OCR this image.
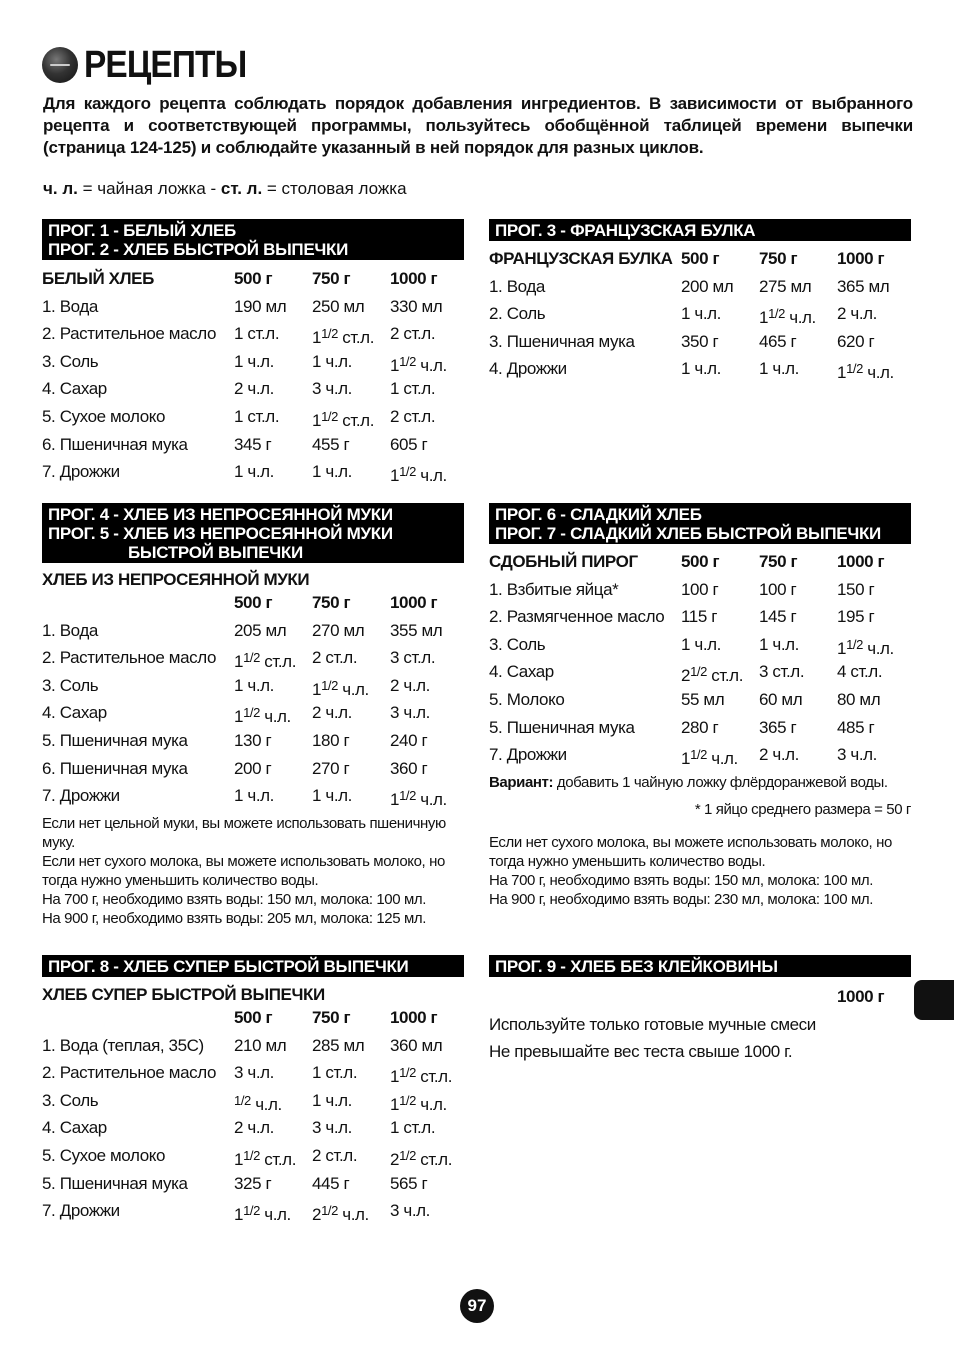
РЕЦЕПТЫ
Для каждого рецепта соблюдать порядок добавления ингредиентов. В зависимости от выбранного рецепта и соответствующей программы, пользуйтесь обобщённой таблицей времени выпечки (страница 124-125) и соблюдайте указанный в ней порядок для разных циклов.
ч. л. = чайная ложка - ст. л. = столовая ложка
ПРОГ. 1 - БЕЛЫЙ ХЛЕБ
ПРОГ. 2 - ХЛЕБ БЫСТРОЙ ВЫПЕЧКИ
БЕЛЫЙ ХЛЕБ	500 г 750 г 1000 г
1. Вода	190 мл 250 мл 330 мл
2. Растительное масло 1 ст.л. $1^{1/2}$ ст.л. 2 ст.л.
3. Соль	1 ч.л. 1 ч.л. $1^{1/2}$ ч.л.
4. Сахар	2 ч.л. 3 ч.л. 1 ст.л.
5. Сухое молоко	1 ст.л. $1^{1/2}$ ст.л. 2 ст.л.
6. Пшеничная мука	345 г 455 г 605 г
7. Дрожжи	1 ч.л. 1 ч.л. $1^{1/2}$ ч.л.
ПРОГ. 3 - ФРАНЦУЗСКАЯ БУЛКА
ФРАНЦУЗСКАЯ БУЛКА 500 г 750 г 1000 г
1. Вода	200 мл 275 мл 365 мл
2. Соль	1 ч.л. $1^{1/2}$ ч.л. 2 ч.л.
3. Пшеничная мука	350 г 465 г 620 г
4. Дрожжи	1 ч.л. 1 ч.л. $1^{1/2}$ ч.л.
ПРОГ. 4 - ХЛЕБ ИЗ НЕПРОСЕЯННОЙ МУКИ
ПРОГ. 5 - ХЛЕБ ИЗ НЕПРОСЕЯННОЙ МУКИ
БЫСТРОЙ ВЫПЕЧКИ
ХЛЕБ ИЗ НЕПРОСЕЯННОЙ МУКИ
500 г 750 г 1000 г
1. Вода	205 мл 270 мл 355 мл
2. Растительное масло $1^{1/2}$ ст.л. 2 ст.л. 3 ст.л.
3. Соль	1 ч.л. $1^{1/2}$ ч.л. 2 ч.л.
4. Сахар	$1^{1/2}$ ч.л. 2 ч.л. 3 ч.л.
5. Пшеничная мука	130 г 180 г 240 г
6. Пшеничная мука	200 г 270 г 360 г
7. Дрожжи	1 ч.л. 1 ч.л. $1^{1/2}$ ч.л.
Если нет цельной муки, вы можете использовать пшеничную муку.
Если нет сухого молока, вы можете использовать молоко, но тогда нужно уменьшить количество воды.
На 700 г, необходимо взять воды: 150 мл, молока: 100 мл.
На 900 г, необходимо взять воды: 205 мл, молока: 125 мл.
ПРОГ. 6 - СЛАДКИЙ ХЛЕБ
ПРОГ. 7 - СЛАДКИЙ ХЛЕБ БЫСТРОЙ ВЫПЕЧКИ
СДОБНЫЙ ПИРОГ	500 г 750 г 1000 г
1. Взбитые яйца*	100 г 100 г 150 г
2. Размягченное масло 115 г 145 г 195 г
3. Соль	1 ч.л. 1 ч.л. $1^{1/2}$ ч.л.
4. Сахар	$2^{1/2}$ ст.л. 3 ст.л. 4 ст.л.
5. Молоко	55 мл 60 мл 80 мл
5. Пшеничная мука	280 г 365 г 485 г
7. Дрожжи	$1^{1/2}$ ч.л. 2 ч.л. 3 ч.л.
Вариант: добавить 1 чайную ложку флёрдоранжевой воды.
* 1 яйцо среднего размера = 50 г
Если нет сухого молока, вы можете использовать молоко, но тогда нужно уменьшить количество воды.
На 700 г, необходимо взять воды: 150 мл, молока: 100 мл.
На 900 г, необходимо взять воды: 230 мл, молока: 100 мл.
ПРОГ. 8 - ХЛЕБ СУПЕР БЫСТРОЙ ВЫПЕЧКИ
ХЛЕБ СУПЕР БЫСТРОЙ ВЫПЕЧКИ
500 г 750 г 1000 г
1. Вода (теплая, 35С) 210 мл 285 мл 360 мл
2. Растительное масло 3 ч.л. 1 ст.л. $1^{1/2}$ ст.л.
3. Соль	$^{1/2}$ ч.л. 1 ч.л. $1^{1/2}$ ч.л.
4. Сахар	2 ч.л. 3 ч.л. 1 ст.л.
5. Сухое молоко	$1^{1/2}$ ст.л. 2 ст.л. $2^{1/2}$ ст.л.
5. Пшеничная мука	325 г 445 г 565 г
7. Дрожжи	$1^{1/2}$ ч.л. $2^{1/2}$ ч.л. 3 ч.л.
ПРОГ. 9 - ХЛЕБ БЕЗ КЛЕЙКОВИНЫ
1000 г
Используйте только готовые мучные смеси
Не превышайте вес теста свыше 1000 г.
97
